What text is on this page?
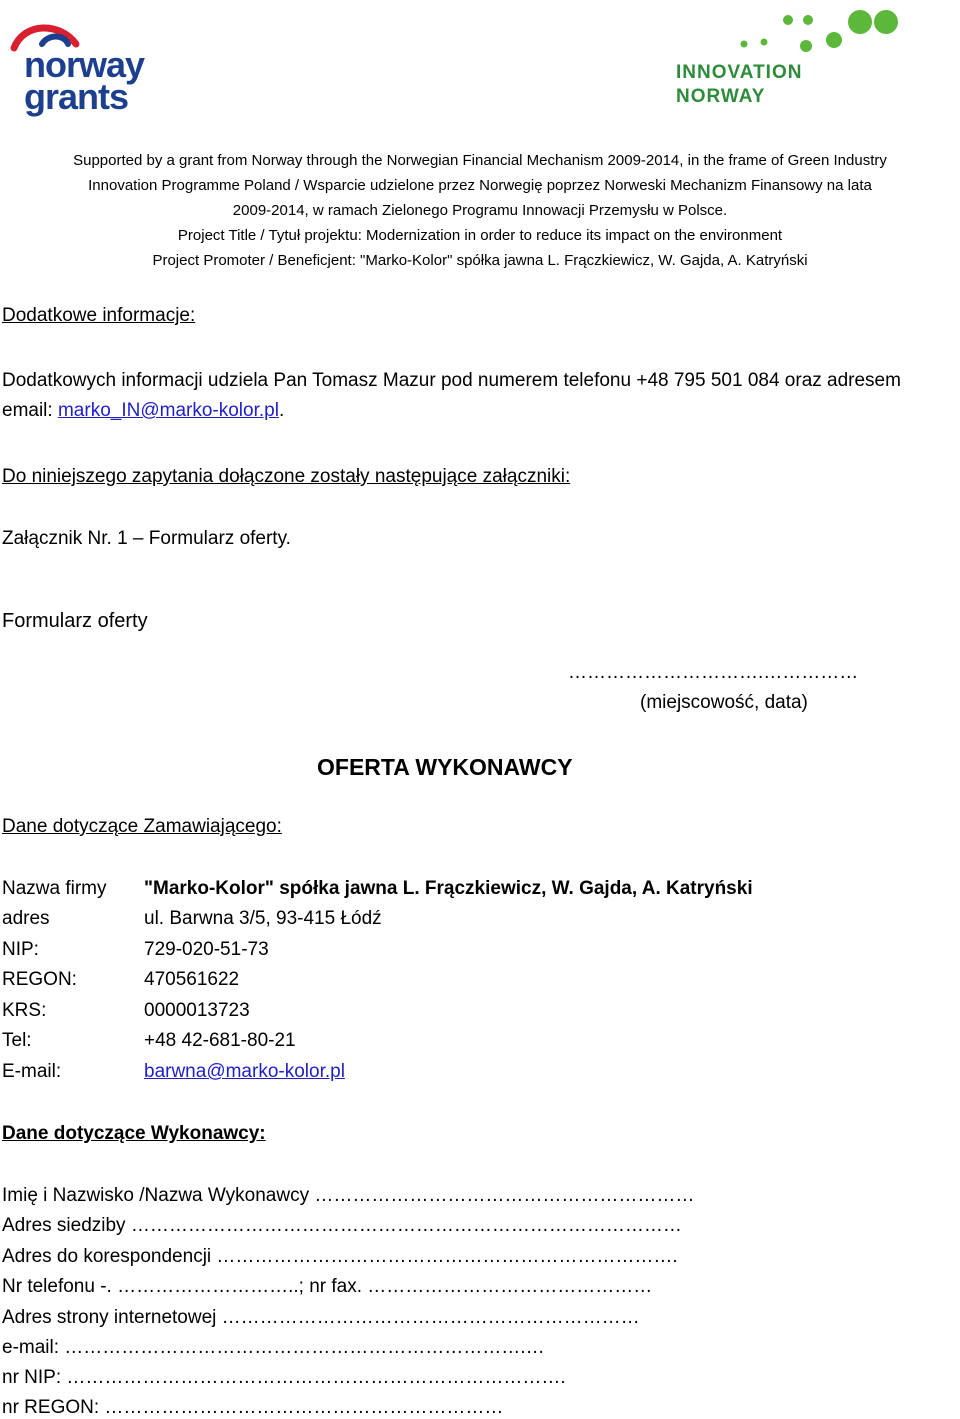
norway
grants
INNOVATION
NORWAY
Supported by a grant from Norway through the Norwegian Financial Mechanism 2009-2014, in the frame of Green Industry
Innovation Programme Poland / Wsparcie udzielone przez Norwegię poprzez Norweski Mechanizm Finansowy na lata
2009-2014, w ramach Zielonego Programu Innowacji Przemysłu w Polsce.
Project Title / Tytuł projektu: Modernization in order to reduce its impact on the environment
Project Promoter / Beneficjent: "Marko-Kolor" spółka jawna L. Frączkiewicz, W. Gajda, A. Katryński
Dodatkowe informacje:
Dodatkowych informacji udziela Pan Tomasz Mazur pod numerem telefonu +48 795 501 084 oraz adresem
email: marko_IN@marko-kolor.pl.
Do niniejszego zapytania dołączone zostały następujące załączniki:
Załącznik Nr. 1 – Formularz oferty.
Formularz oferty
………………………….……………
(miejscowość, data)
OFERTA WYKONAWCY
Dane dotyczące Zamawiającego:
Nazwa firmy "Marko-Kolor" spółka jawna L. Frączkiewicz, W. Gajda, A. Katryński
adres	ul. Barwna 3/5, 93-415 Łódź
NIP:	729-020-51-73
REGON:	470561622
KRS:	0000013723
Tel:	+48 42-681-80-21
E-mail:	barwna@marko-kolor.pl
Dane dotyczące Wykonawcy:
Imię i Nazwisko /Nazwa Wykonawcy ……………………………………………………
Adres siedziby ……………………………………………………………………………
Adres do korespondencji ……………………………………………………………….
Nr telefonu -. ………………………..; nr fax. ………………………………………
Adres strony internetowej …………………………………………………………
e-mail: ……………………………………………………………….…
nr NIP: …………………………………………………………………….
nr REGON: ………………………………………………………
